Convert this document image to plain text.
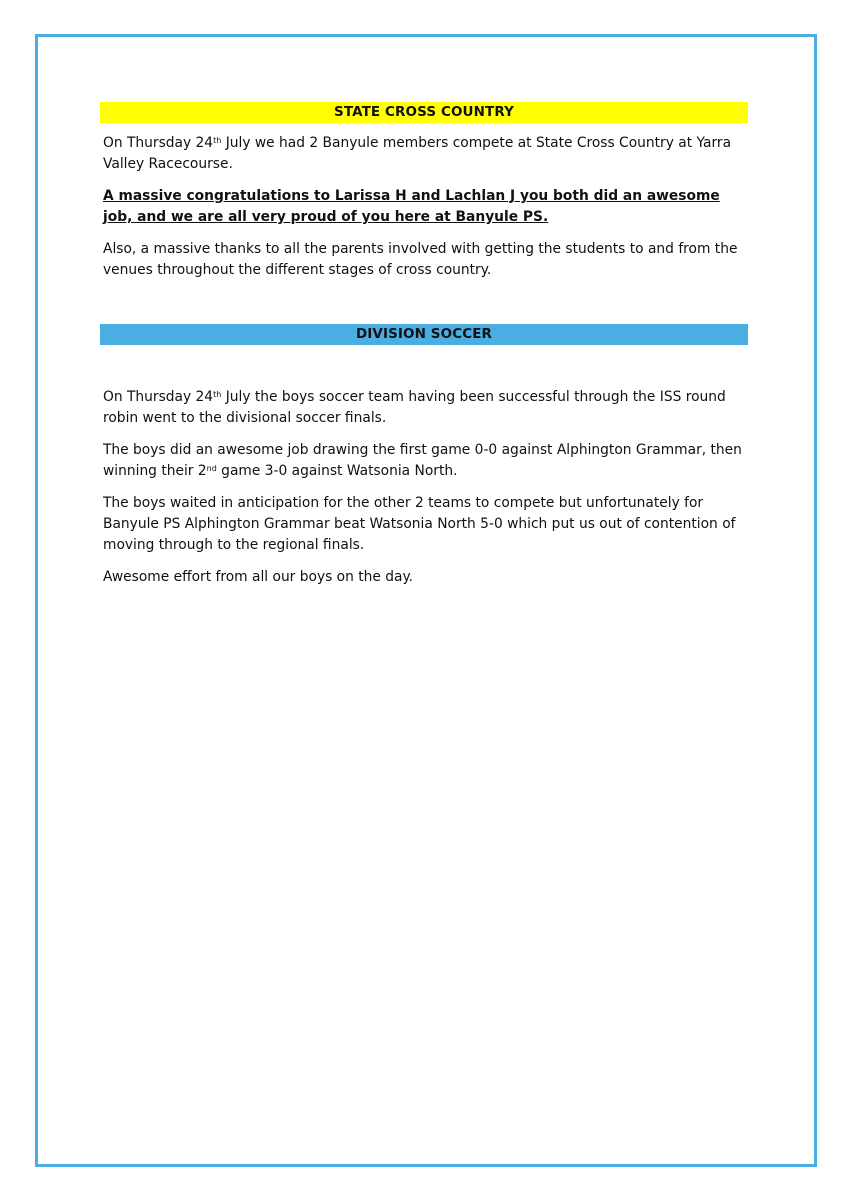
STATE CROSS COUNTRY

On Thursday 24th July we had 2 Banyule members compete at State Cross Country at Yarra Valley Racecourse.

A massive congratulations to Larissa H and Lachlan J you both did an awesome job, and we are all very proud of you here at Banyule PS.

Also, a massive thanks to all the parents involved with getting the students to and from the venues throughout the different stages of cross country.

DIVISION SOCCER

On Thursday 24th July the boys soccer team having been successful through the ISS round robin went to the divisional soccer finals.

The boys did an awesome job drawing the first game 0-0 against Alphington Grammar, then winning their 2nd game 3-0 against Watsonia North.

The boys waited in anticipation for the other 2 teams to compete but unfortunately for Banyule PS Alphington Grammar beat Watsonia North 5-0 which put us out of contention of moving through to the regional finals.

Awesome effort from all our boys on the day.
